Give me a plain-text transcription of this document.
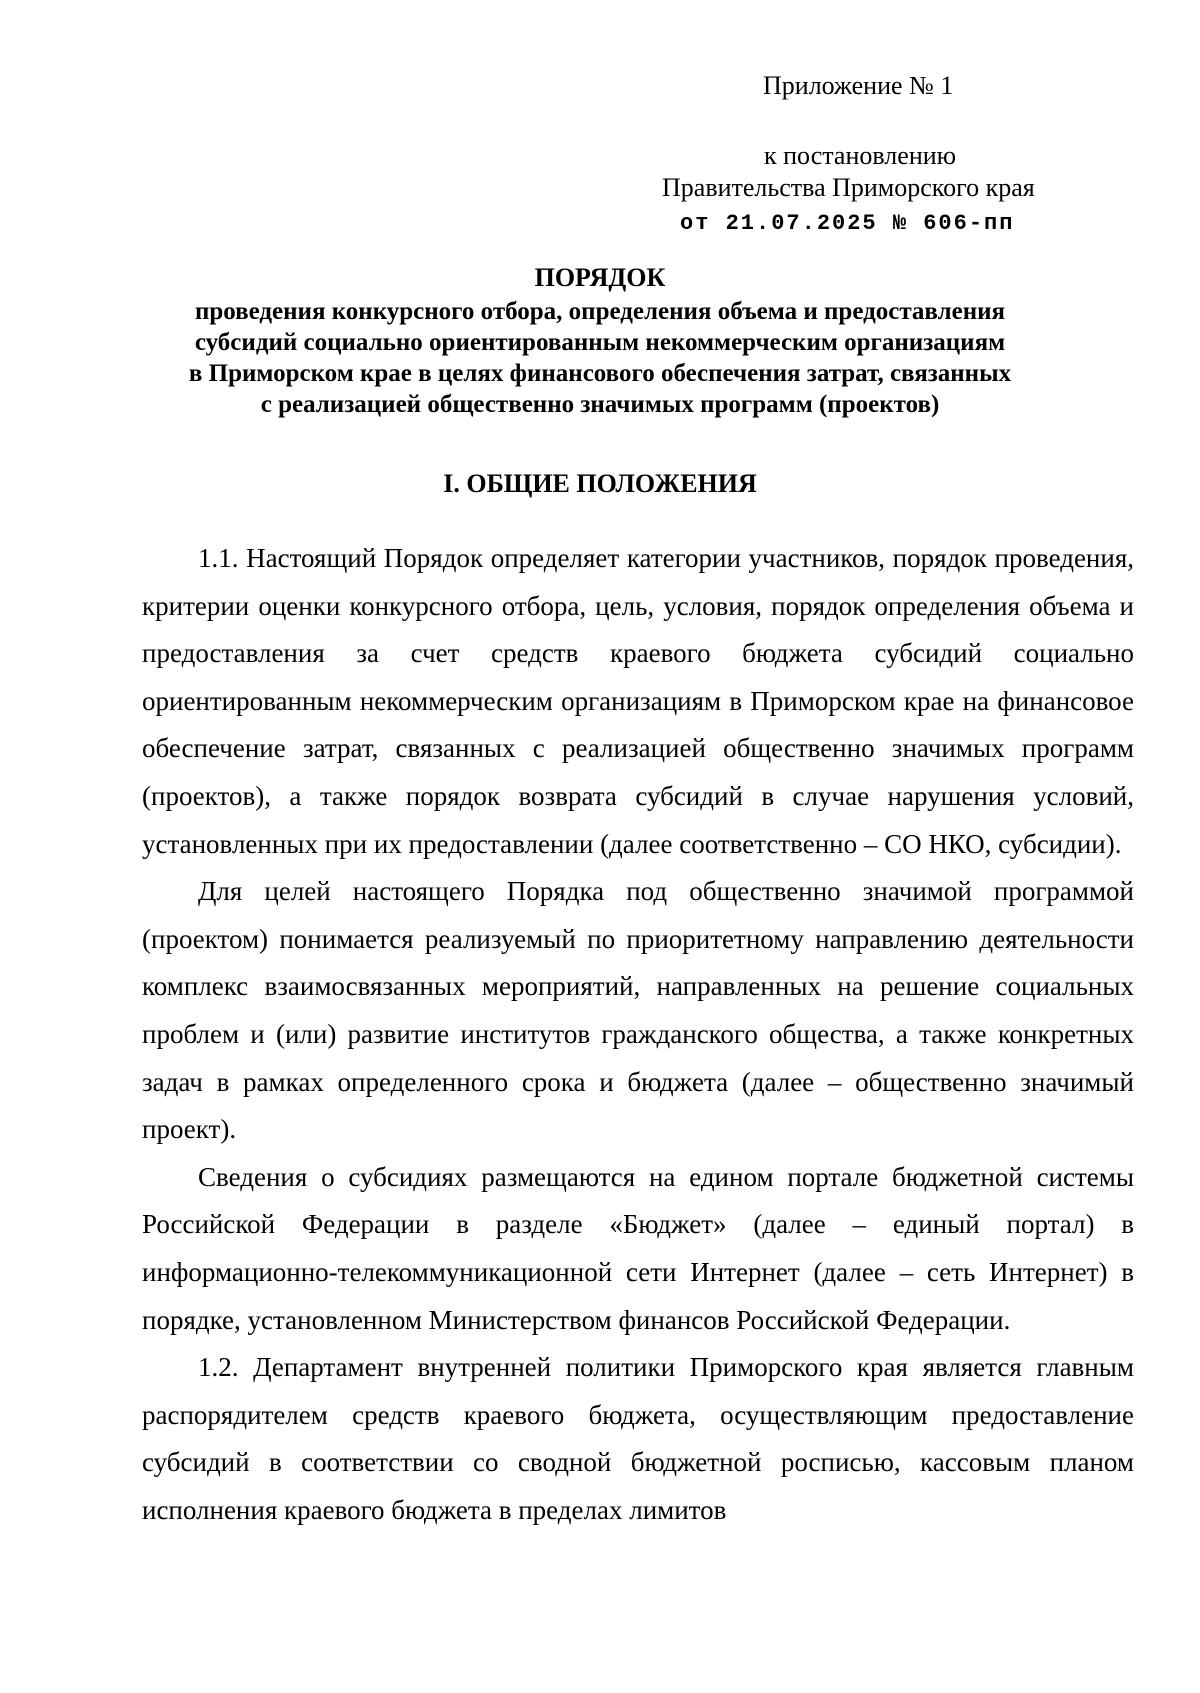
Приложение № 1
к постановлению
Правительства Приморского края
от 21.07.2025 № 606-пп
ПОРЯДОК
проведения конкурсного отбора, определения объема и предоставления
субсидий социально ориентированным некоммерческим организациям
в Приморском крае в целях финансового обеспечения затрат, связанных
с реализацией общественно значимых программ (проектов)
I. ОБЩИЕ ПОЛОЖЕНИЯ

1.1. Настоящий Порядок определяет категории участников, порядок проведения, критерии оценки конкурсного отбора, цель, условия, порядок определения объема и предоставления за счет средств краевого бюджета субсидий социально ориентированным некоммерческим организациям в Приморском крае на финансовое обеспечение затрат, связанных с реализацией общественно значимых программ (проектов), а также порядок возврата субсидий в случае нарушения условий, установленных при их предоставлении (далее соответственно – СО НКО, субсидии).

Для целей настоящего Порядка под общественно значимой программой (проектом) понимается реализуемый по приоритетному направлению деятельности комплекс взаимосвязанных мероприятий, направленных на решение социальных проблем и (или) развитие институтов гражданского общества, а также конкретных задач в рамках определенного срока и бюджета (далее – общественно значимый проект).

Сведения о субсидиях размещаются на едином портале бюджетной системы Российской Федерации в разделе «Бюджет» (далее – единый портал) в информационно-телекоммуникационной сети Интернет (далее – сеть Интернет) в порядке, установленном Министерством финансов Российской Федерации.

1.2. Департамент внутренней политики Приморского края является главным распорядителем средств краевого бюджета, осуществляющим предоставление субсидий в соответствии со сводной бюджетной росписью, кассовым планом исполнения краевого бюджета в пределах лимитов
